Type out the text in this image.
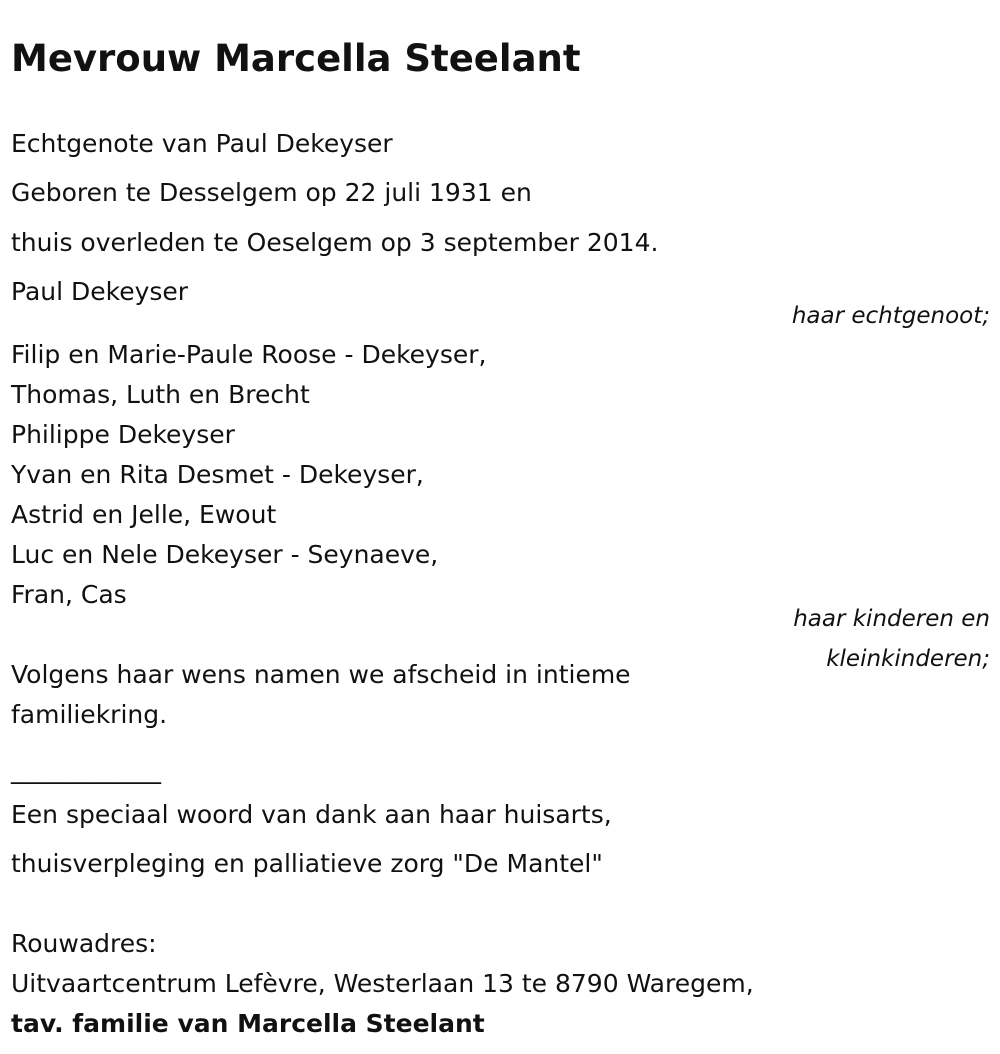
Mevrouw Marcella Steelant

Echtgenote van Paul Dekeyser

Geboren te Desselgem op 22 juli 1931 en

thuis overleden te Oeselgem op 3 september 2014.

Paul Dekeyser

haar echtgenoot;

Filip en Marie-Paule Roose - Dekeyser,

Thomas, Luth en Brecht

Philippe Dekeyser

Yvan en Rita Desmet - Dekeyser,

Astrid en Jelle, Ewout

Luc en Nele Dekeyser - Seynaeve,

Fran, Cas

haar kinderen en
kleinkinderen;

Volgens haar wens namen we afscheid in intieme

familiekring.

____________

Een speciaal woord van dank aan haar huisarts,

thuisverpleging en palliatieve zorg "De Mantel"

Rouwadres:

Uitvaartcentrum Lefèvre, Westerlaan 13 te 8790 Waregem,

tav. familie van Marcella Steelant
